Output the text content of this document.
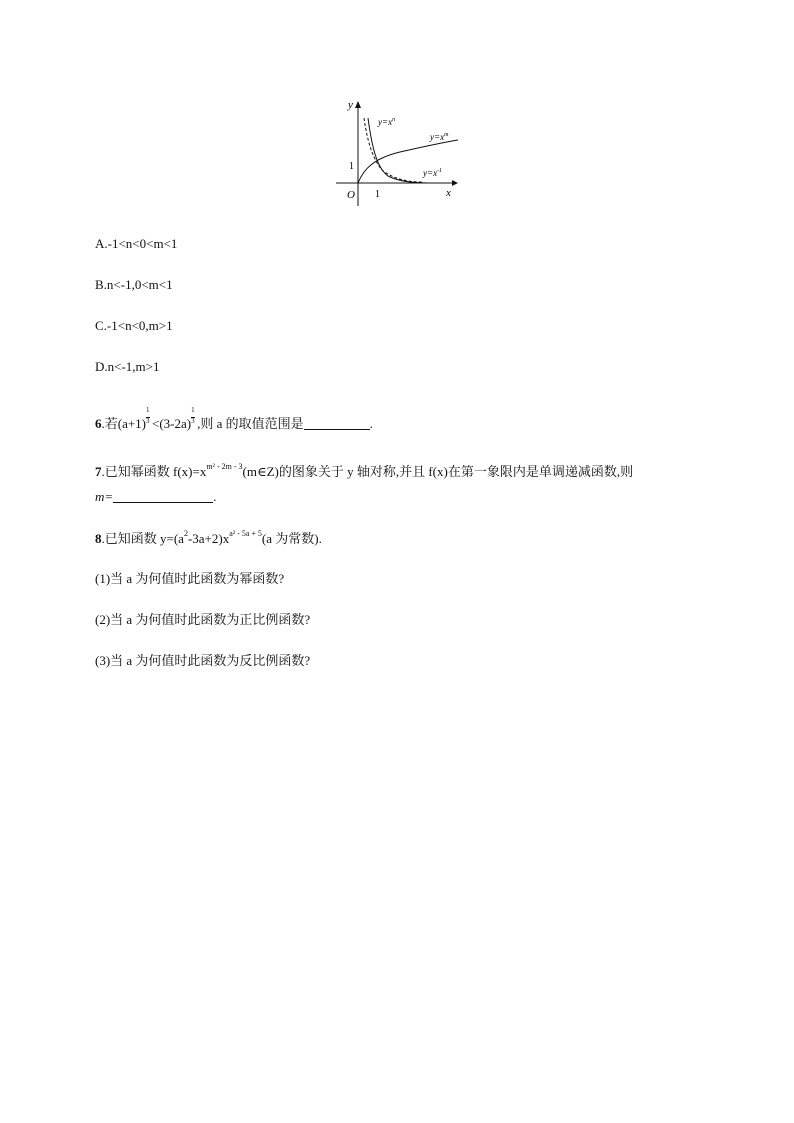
y
x
O 1
1
$y=x^n$
$y=x^m$
$y=x^{-1}$
A.-1<n<0<m<1
B.n<-1,0<m<1
C.-1<n<0,m>1
D.n<-1,m>1
6.若$(a+1) \frac{1}{3} <(3-2a) \frac{1}{3}$ ,则 a 的取值范围是	.
7.已知幂函数 $f(x)=x^{m^2 - 2m - 3}(m\in Z)$的图象关于 y 轴对称,并且 f(x)在第一象限内是单调递减函数,则
m=	.
8.已知函数 $y=(a^2-3a+2)x^{a^2 - 5a + 5}(a$ 为常数).
(1)当 a 为何值时此函数为幂函数?
(2)当 a 为何值时此函数为正比例函数?
(3)当 a 为何值时此函数为反比例函数?
